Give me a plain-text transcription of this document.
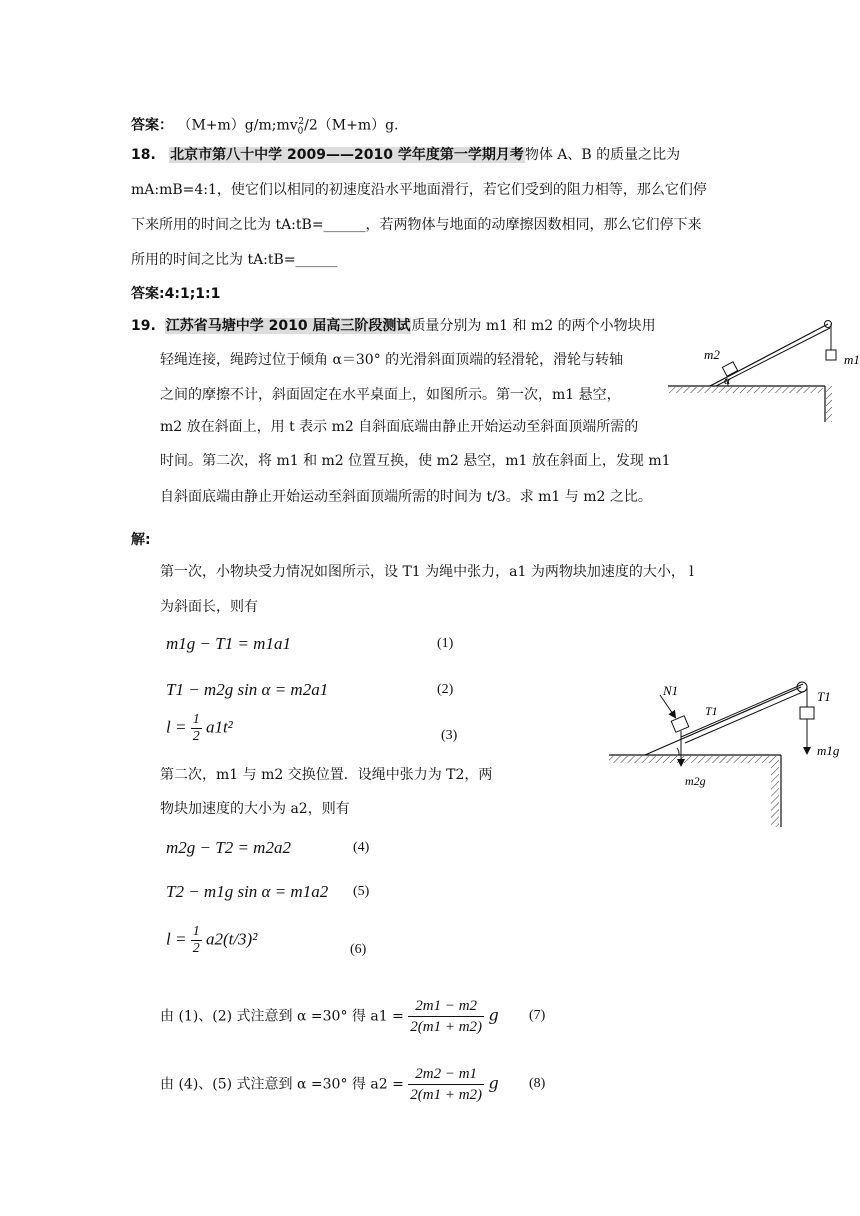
答案： $(M+m)g/m;mv_0^2/2(M+m)g$.
18. 北京市第八十中学 2009——2010 学年度第一学期月考物体 A、B 的质量之比为
mA:mB=4:1，使它们以相同的初速度沿水平地面滑行，若它们受到的阻力相等，那么它们停
下来所用的时间之比为 tA:tB=______，若两物体与地面的动摩擦因数相同，那么它们停下来
所用的时间之比为 tA:tB=______
答案:4:1;1:1
19. 江苏省马塘中学 2010 届高三阶段测试质量分别为 m1 和 m2 的两个小物块用
轻绳连接，绳跨过位于倾角 α＝30° 的光滑斜面顶端的轻滑轮，滑轮与转轴
之间的摩擦不计，斜面固定在水平桌面上，如图所示。第一次，m1 悬空，
m2 放在斜面上，用 t 表示 m2 自斜面底端由静止开始运动至斜面顶端所需的
时间。第二次，将 m1 和 m2 位置互换，使 m2 悬空，m1 放在斜面上，发现 m1
自斜面底端由静止开始运动至斜面顶端所需的时间为 t/3。求 m1 与 m2 之比。
m2	m1
α
解:
第一次，小物块受力情况如图所示，设 T1 为绳中张力，a1 为两物块加速度的大小， l
为斜面长，则有
m1g − T1 = m1a1	(1)
T1 − m2g sin α = m2a1	(2)
$l = \frac{1}{2} a1t^2$	(3)
第二次，m1 与 m2 交换位置．设绳中张力为 T2，两
物块加速度的大小为 a2，则有
m2g − T2 = m2a2	(4)
T2 − m1g sin α = m1a2 (5)
$l = \frac{1}{2} a2(t/3)^2$
(6)
由 (1)、(2) 式注意到 α =30° 得 $a1 = \frac{2m1 - m2}{2(m1 + m2)}$ g (7)
由 (4)、(5) 式注意到 α =30° 得 $a2 = \frac{2m2 - m1}{2(m1 + m2)}$ g (8)
N1
T1
T1
m1g
m2g
